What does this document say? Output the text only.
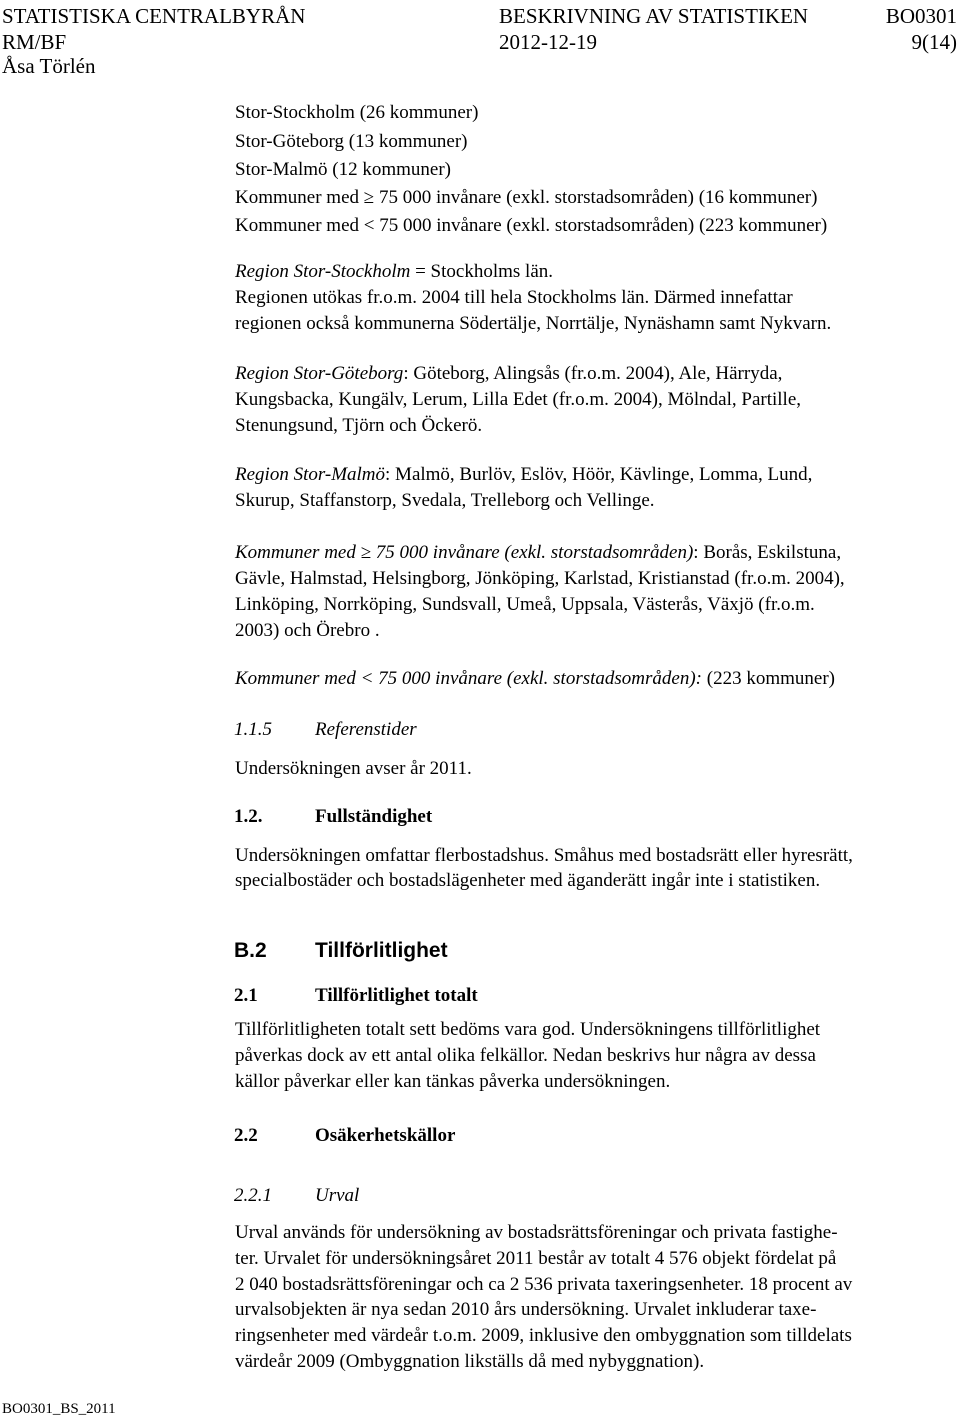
STATISTISKA CENTRALBYRÅN	BESKRIVNING AV STATISTIKEN	BO0301
RM/BF	2012-12-19	9(14)
Åsa Törlén
Stor-Stockholm (26 kommuner)
Stor-Göteborg (13 kommuner)
Stor-Malmö (12 kommuner)
Kommuner med ≥ 75 000 invånare (exkl. storstadsområden) (16 kommuner)
Kommuner med < 75 000 invånare (exkl. storstadsområden) (223 kommuner)
Region Stor-Stockholm = Stockholms län.
Regionen utökas fr.o.m. 2004 till hela Stockholms län. Därmed innefattar
regionen också kommunerna Södertälje, Norrtälje, Nynäshamn samt Nykvarn.
Region Stor-Göteborg: Göteborg, Alingsås (fr.o.m. 2004), Ale, Härryda,
Kungsbacka, Kungälv, Lerum, Lilla Edet (fr.o.m. 2004), Mölndal, Partille,
Stenungsund, Tjörn och Öckerö.
Region Stor-Malmö: Malmö, Burlöv, Eslöv, Höör, Kävlinge, Lomma, Lund,
Skurup, Staffanstorp, Svedala, Trelleborg och Vellinge.
Kommuner med ≥ 75 000 invånare (exkl. storstadsområden): Borås, Eskilstuna,
Gävle, Halmstad, Helsingborg, Jönköping, Karlstad, Kristianstad (fr.o.m. 2004),
Linköping, Norrköping, Sundsvall, Umeå, Uppsala, Västerås, Växjö (fr.o.m.
2003) och Örebro .
Kommuner med < 75 000 invånare (exkl. storstadsområden): (223 kommuner)
1.1.5 Referenstider
Undersökningen avser år 2011.
1.2.	Fullständighet
Undersökningen omfattar flerbostadshus. Småhus med bostadsrätt eller hyresrätt,
specialbostäder och bostadslägenheter med äganderätt ingår inte i statistiken.
B.2 Tillförlitlighet
2.1	Tillförlitlighet totalt
Tillförlitligheten totalt sett bedöms vara god. Undersökningens tillförlitlighet
påverkas dock av ett antal olika felkällor. Nedan beskrivs hur några av dessa
källor påverkar eller kan tänkas påverka undersökningen.
2.2	Osäkerhetskällor
2.2.1 Urval
Urval används för undersökning av bostadsrättsföreningar och privata fastighe-
ter. Urvalet för undersökningsåret 2011 består av totalt 4 576 objekt fördelat på
2 040 bostadsrättsföreningar och ca 2 536 privata taxeringsenheter. 18 procent av
urvalsobjekten är nya sedan 2010 års undersökning. Urvalet inkluderar taxe-
ringsenheter med värdeår t.o.m. 2009, inklusive den ombyggnation som tilldelats
värdeår 2009 (Ombyggnation likställs då med nybyggnation).
BO0301_BS_2011
